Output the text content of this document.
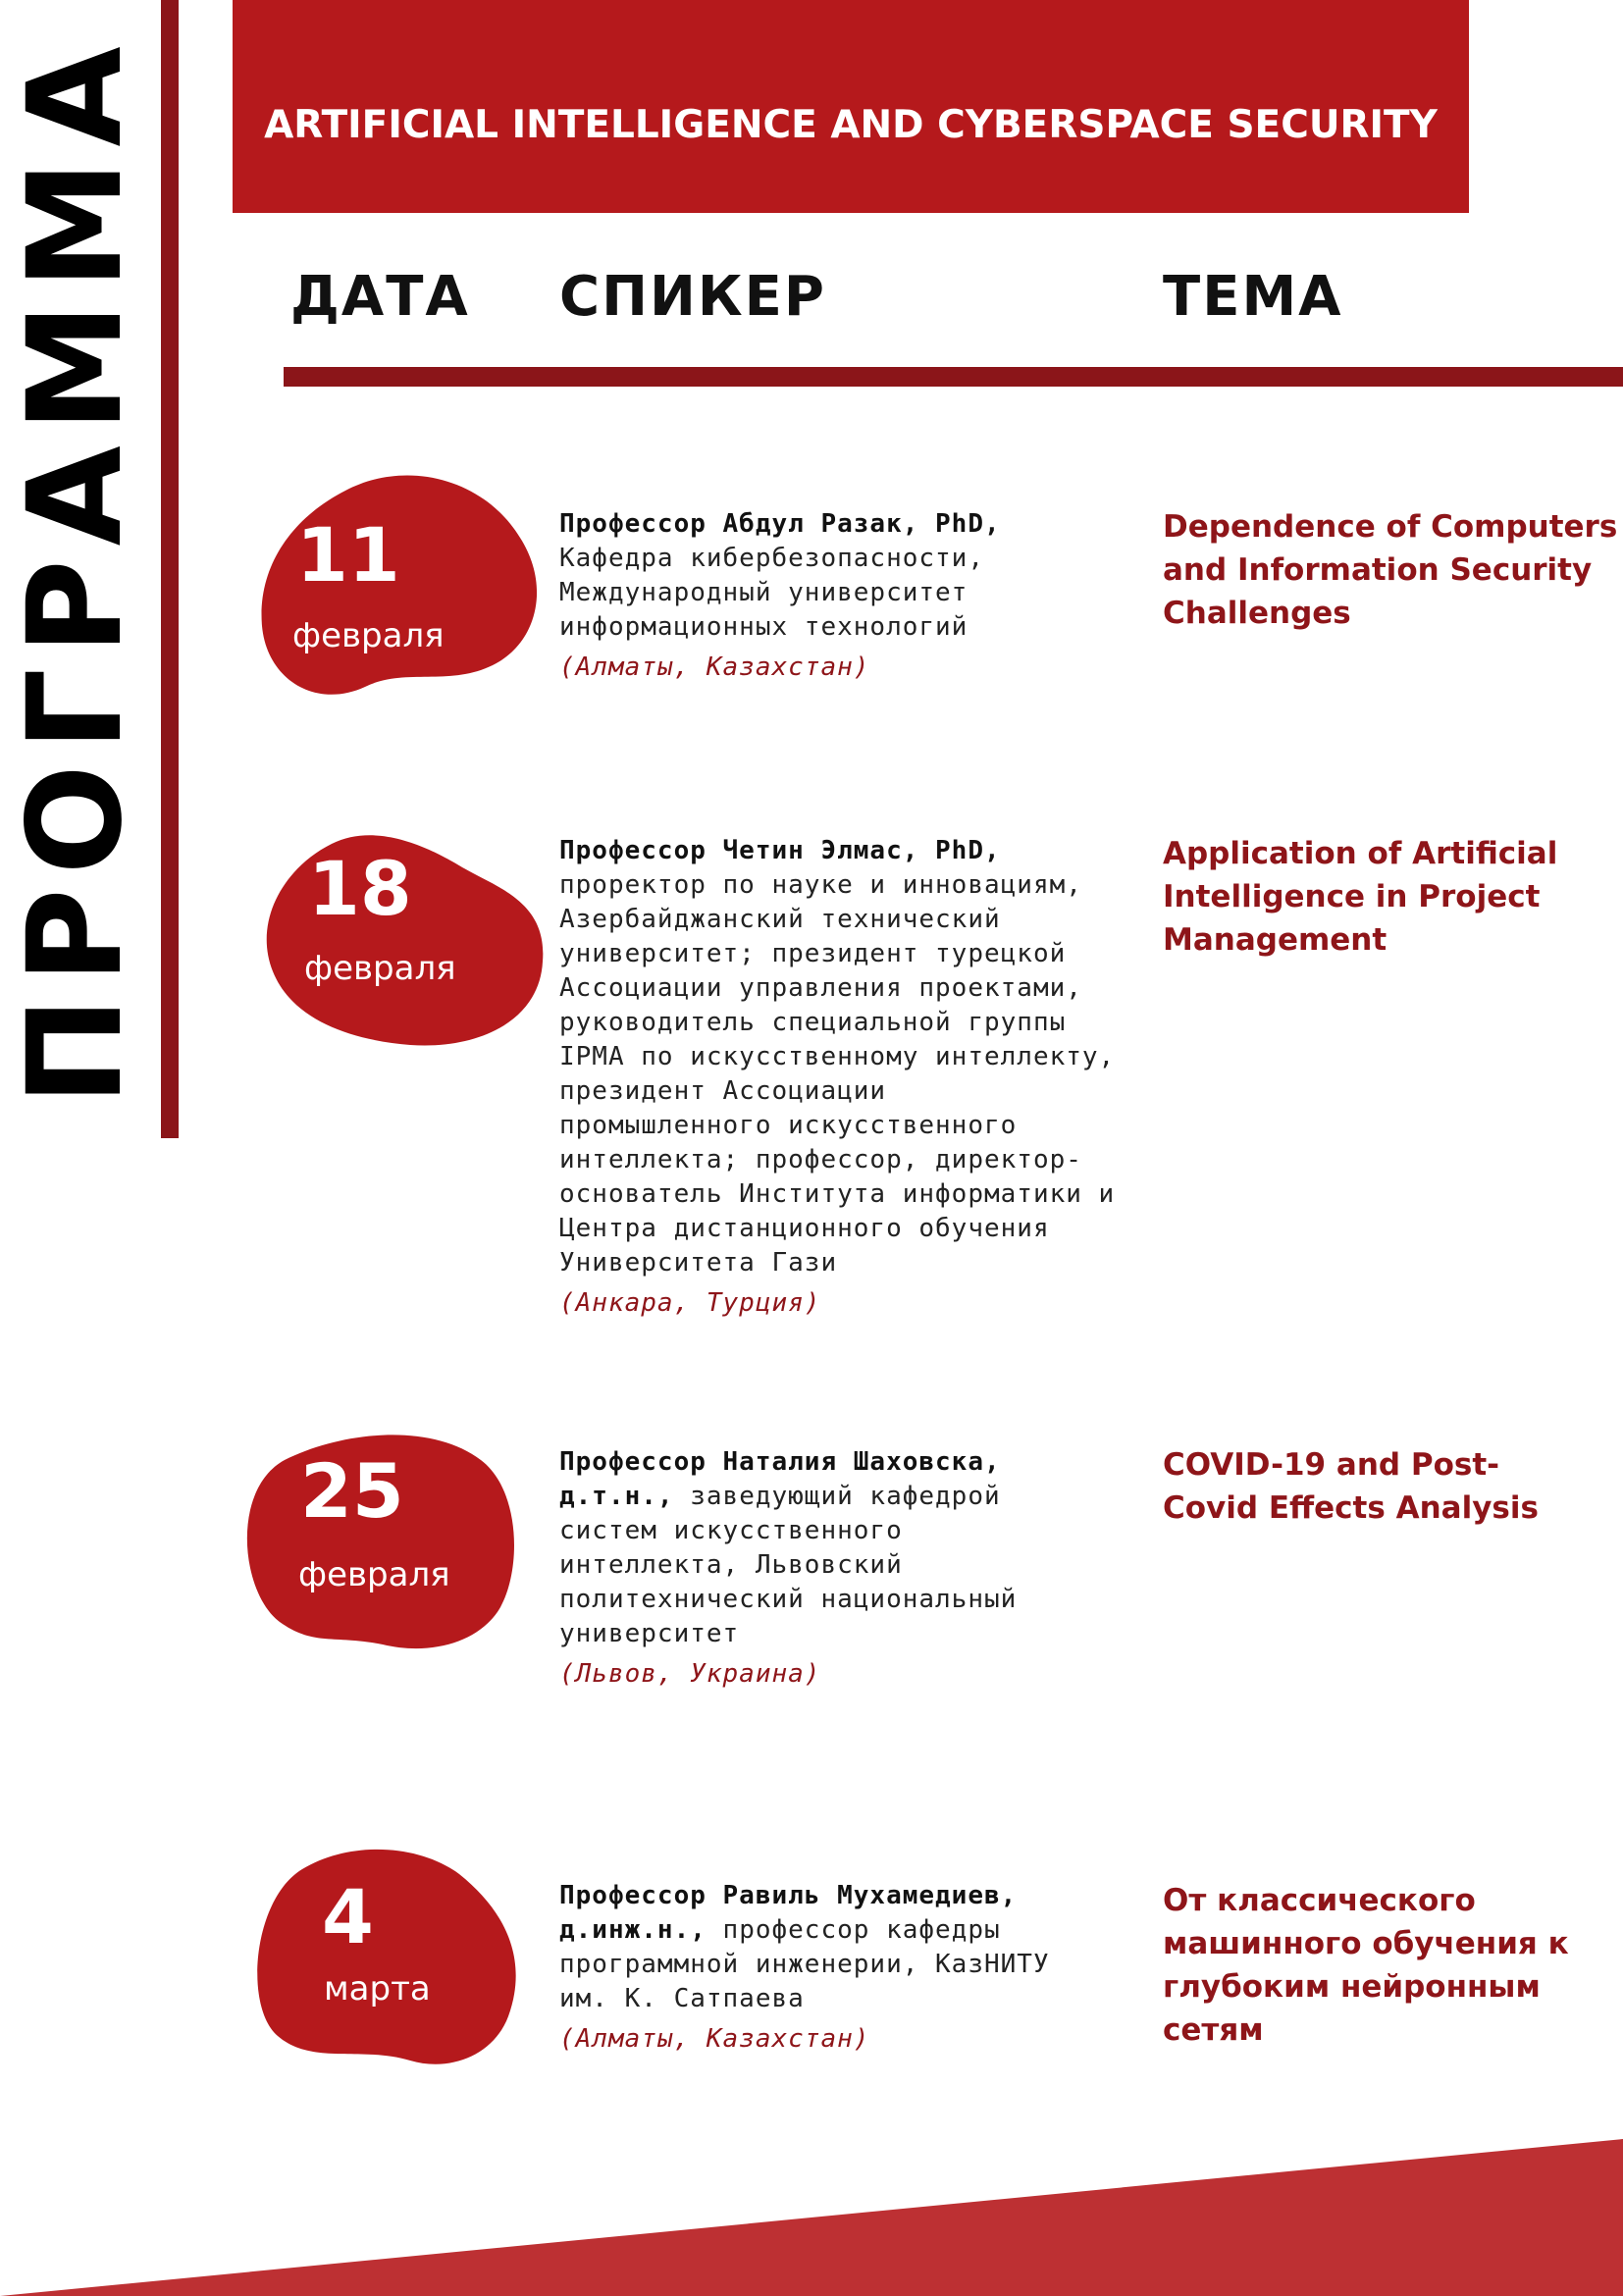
ПРОГРАММА	ARTIFICIAL INTELLIGENCE AND CYBERSPACE SECURITY
ДАТА СПИКЕР	ТЕМА
11
февраля
Профессор Абдул Разак, PhD,
Кафедра кибербезопасности,
Международный университет
информационных технологий
(Алматы, Казахстан)
Dependence of Computers
and Information Security
Challenges
18
февраля
Профессор Четин Элмас, PhD,
проректор по науке и инновациям,
Азербайджанский технический
университет; президент турецкой
Ассоциации управления проектами,
руководитель специальной группы
IPMA по искусственному интеллекту,
президент Ассоциации
промышленного искусственного
интеллекта; профессор, директор-
основатель Института информатики и
Центра дистанционного обучения
Университета Гази
(Анкара, Турция)
Application of Artificial
Intelligence in Project
Management
25
февраля
Профессор Наталия Шаховска,
д.т.н., заведующий кафедрой
систем искусственного
интеллекта, Львовский
политехнический национальный
университет
(Львов, Украина)
COVID-19 and Post-
Covid Effects Analysis
4
марта
Профессор Равиль Мухамедиев,
д.инж.н., профессор кафедры
программной инженерии, КазНИТУ
им. К. Сатпаева
(Алматы, Казахстан)
От классического
машинного обучения к
глубоким нейронным
сетям
